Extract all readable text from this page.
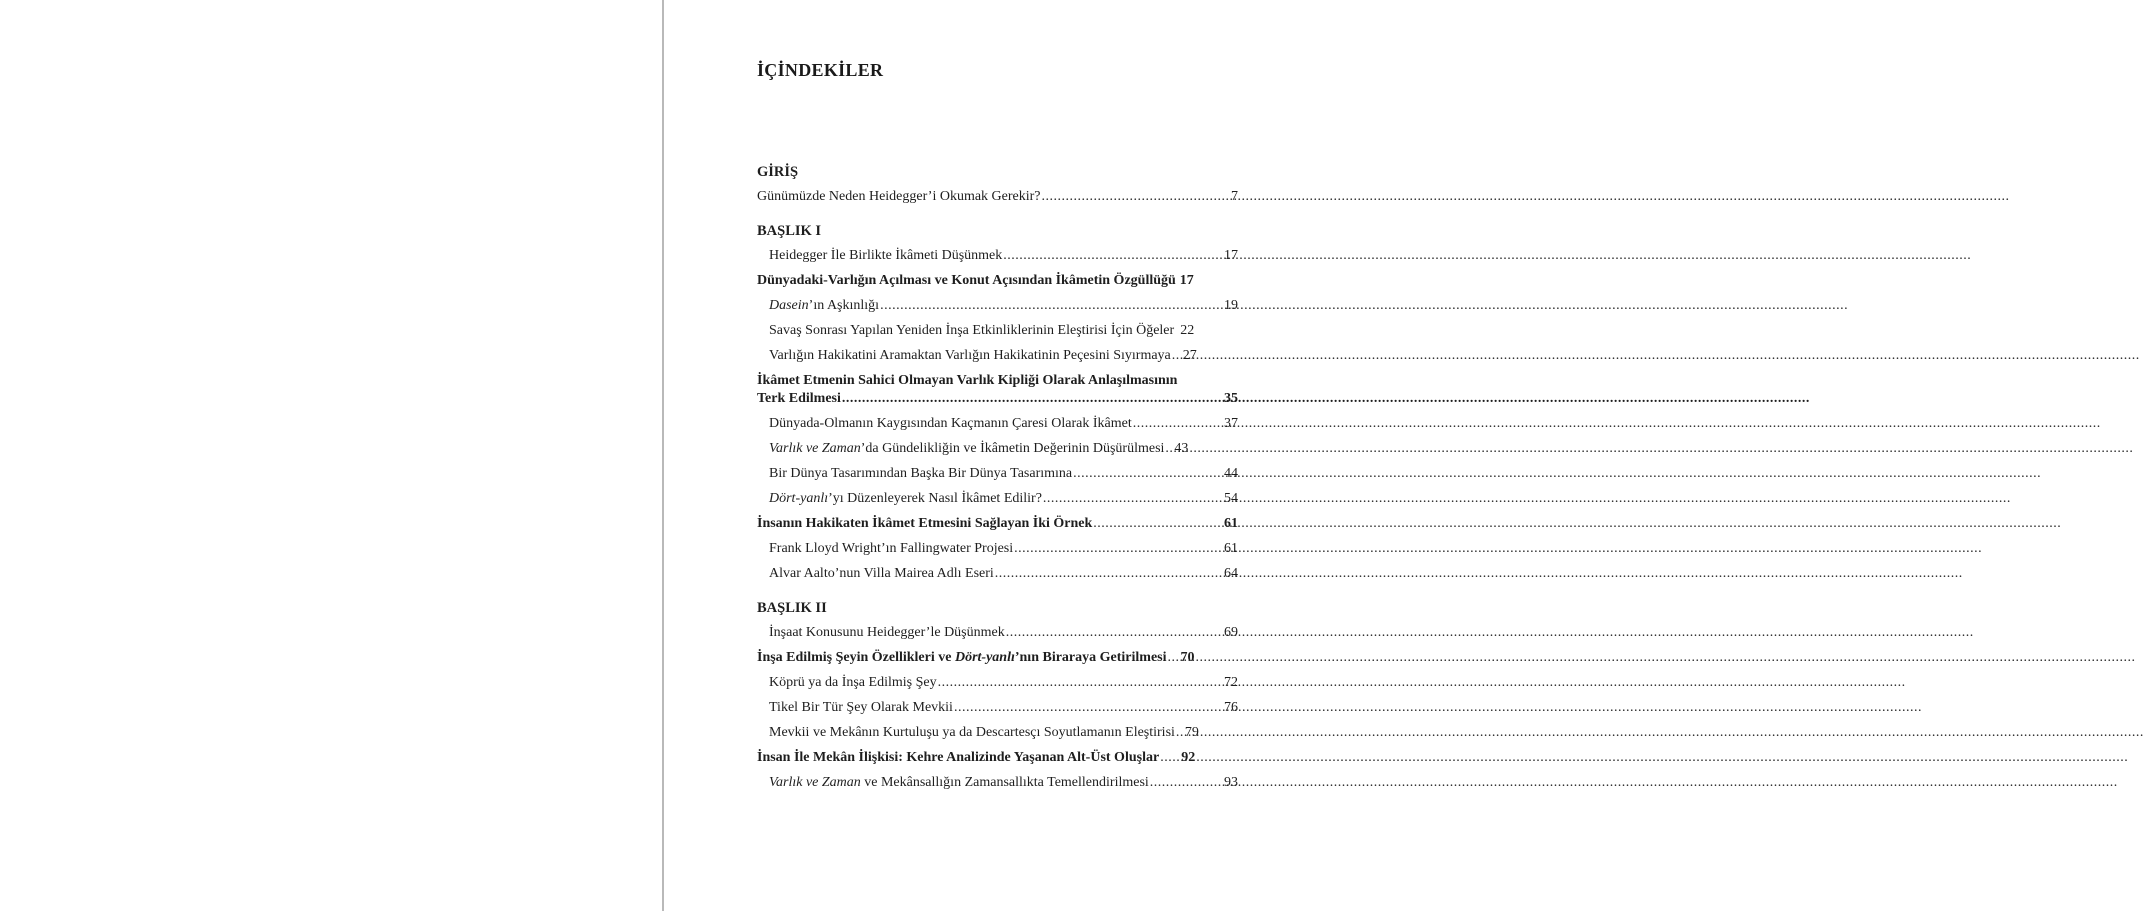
İÇİNDEKİLER
GİRİŞ
Günümüzde Neden Heidegger’i Okumak Gerekir? .....	7
BAŞLIK I
Heidegger İle Birlikte İkâmeti Düşünmek .....	17
Dünyadaki-Varlığın Açılması ve Konut Açısından İkâmetin Özgüllüğü 17
Dasein’ın Aşkınlığı .....	19
Savaş Sonrası Yapılan Yeniden İnşa Etkinliklerinin Eleştirisi İçin Öğeler 22
Varlığın Hakikatini Aramaktan Varlığın Hakikatinin Peçesini Sıyırmaya ..... 27
İkâmet Etmenin Sahici Olmayan Varlık Kipliği Olarak Anlaşılmasının
Terk Edilmesi .....	35
Dünyada-Olmanın Kaygısından Kaçmanın Çaresi Olarak İkâmet .....	37
Varlık ve Zaman’da Gündelikliğin ve İkâmetin Değerinin Düşürülmesi ..... 43
Bir Dünya Tasarımından Başka Bir Dünya Tasarımına .....	44
Dört-yanlı’yı Düzenleyerek Nasıl İkâmet Edilir? .....	54
İnsanın Hakikaten İkâmet Etmesini Sağlayan İki Örnek .....	61
Frank Lloyd Wright’ın Fallingwater Projesi .....	61
Alvar Aalto’nun Villa Mairea Adlı Eseri .....	64
BAŞLIK II
İnşaat Konusunu Heidegger’le Düşünmek .....	69
İnşa Edilmiş Şeyin Özellikleri ve Dört-yanlı’nın Biraraya Getirilmesi ..... 70
Köprü ya da İnşa Edilmiş Şey .....	72
Tikel Bir Tür Şey Olarak Mevkii .....	76
Mevkii ve Mekânın Kurtuluşu ya da Descartesçı Soyutlamanın Eleştirisi ..... 79
İnsan İle Mekân İlişkisi: Kehre Analizinde Yaşanan Alt-Üst Oluşlar ..... 92
Varlık ve Zaman ve Mekânsallığın Zamansallıkta Temellendirilmesi .....	93
